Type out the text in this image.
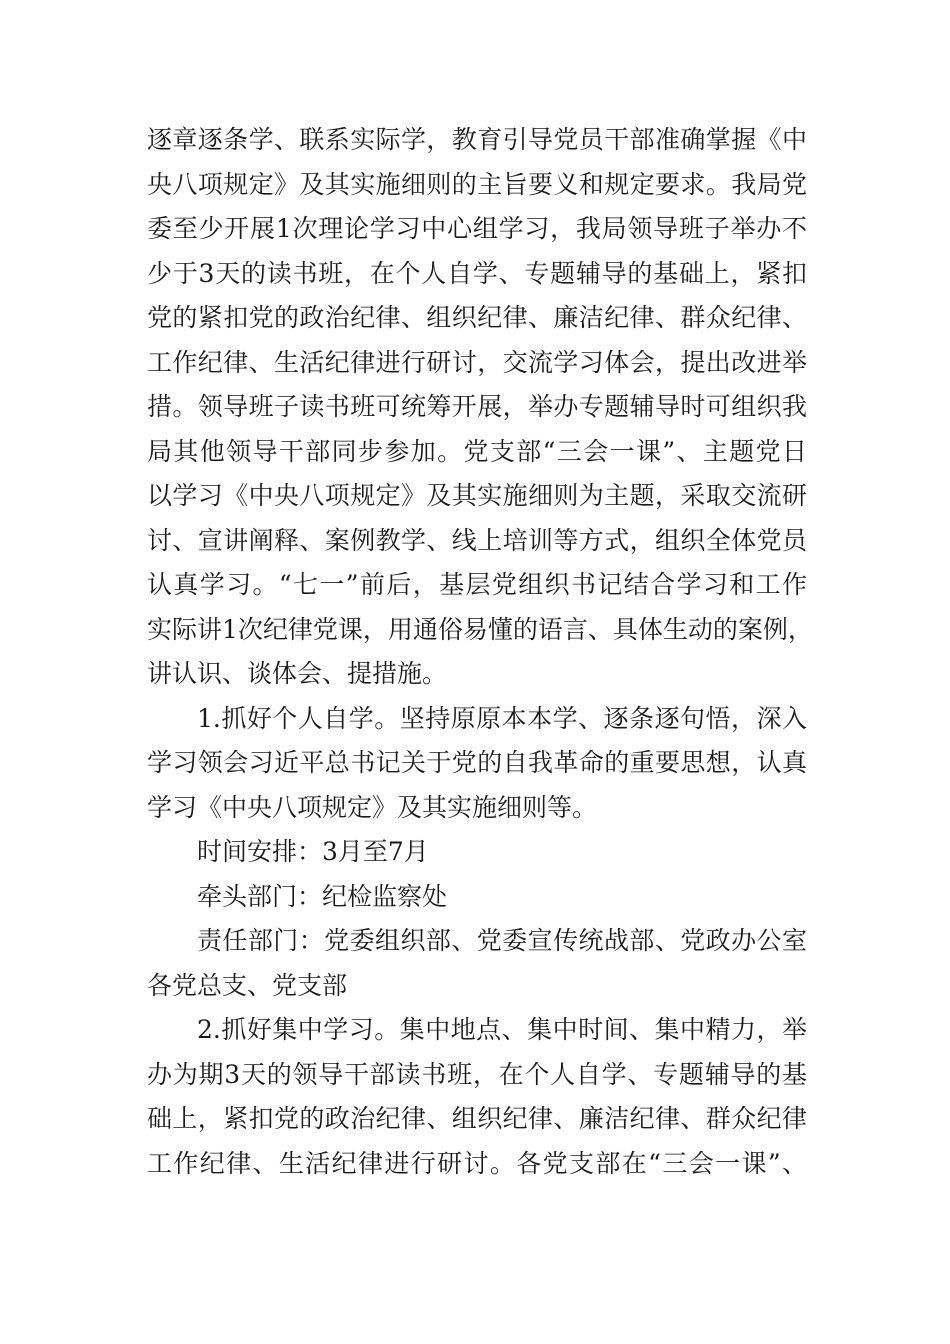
逐章逐条学、联系实际学，教育引导党员干部准确掌握《中
央八项规定》及其实施细则的主旨要义和规定要求。我局党
委至少开展1次理论学习中心组学习，我局领导班子举办不
少于3天的读书班，在个人自学、专题辅导的基础上，紧扣
党的紧扣党的政治纪律、组织纪律、廉洁纪律、群众纪律、
工作纪律、生活纪律进行研讨，交流学习体会，提出改进举
措。领导班子读书班可统筹开展，举办专题辅导时可组织我
局其他领导干部同步参加。党支部“三会一课”、主题党日
以学习《中央八项规定》及其实施细则为主题，采取交流研
讨、宣讲阐释、案例教学、线上培训等方式，组织全体党员
认真学习。“七一”前后，基层党组织书记结合学习和工作
实际讲1次纪律党课，用通俗易懂的语言、具体生动的案例，
讲认识、谈体会、提措施。
1.抓好个人自学。坚持原原本本学、逐条逐句悟，深入
学习领会习近平总书记关于党的自我革命的重要思想，认真
学习《中央八项规定》及其实施细则等。
时间安排：3月至7月
牵头部门：纪检监察处
责任部门：党委组织部、党委宣传统战部、党政办公室
各党总支、党支部
2.抓好集中学习。集中地点、集中时间、集中精力，举
办为期3天的领导干部读书班，在个人自学、专题辅导的基
础上，紧扣党的政治纪律、组织纪律、廉洁纪律、群众纪律
工作纪律、生活纪律进行研讨。各党支部在“三会一课”、
